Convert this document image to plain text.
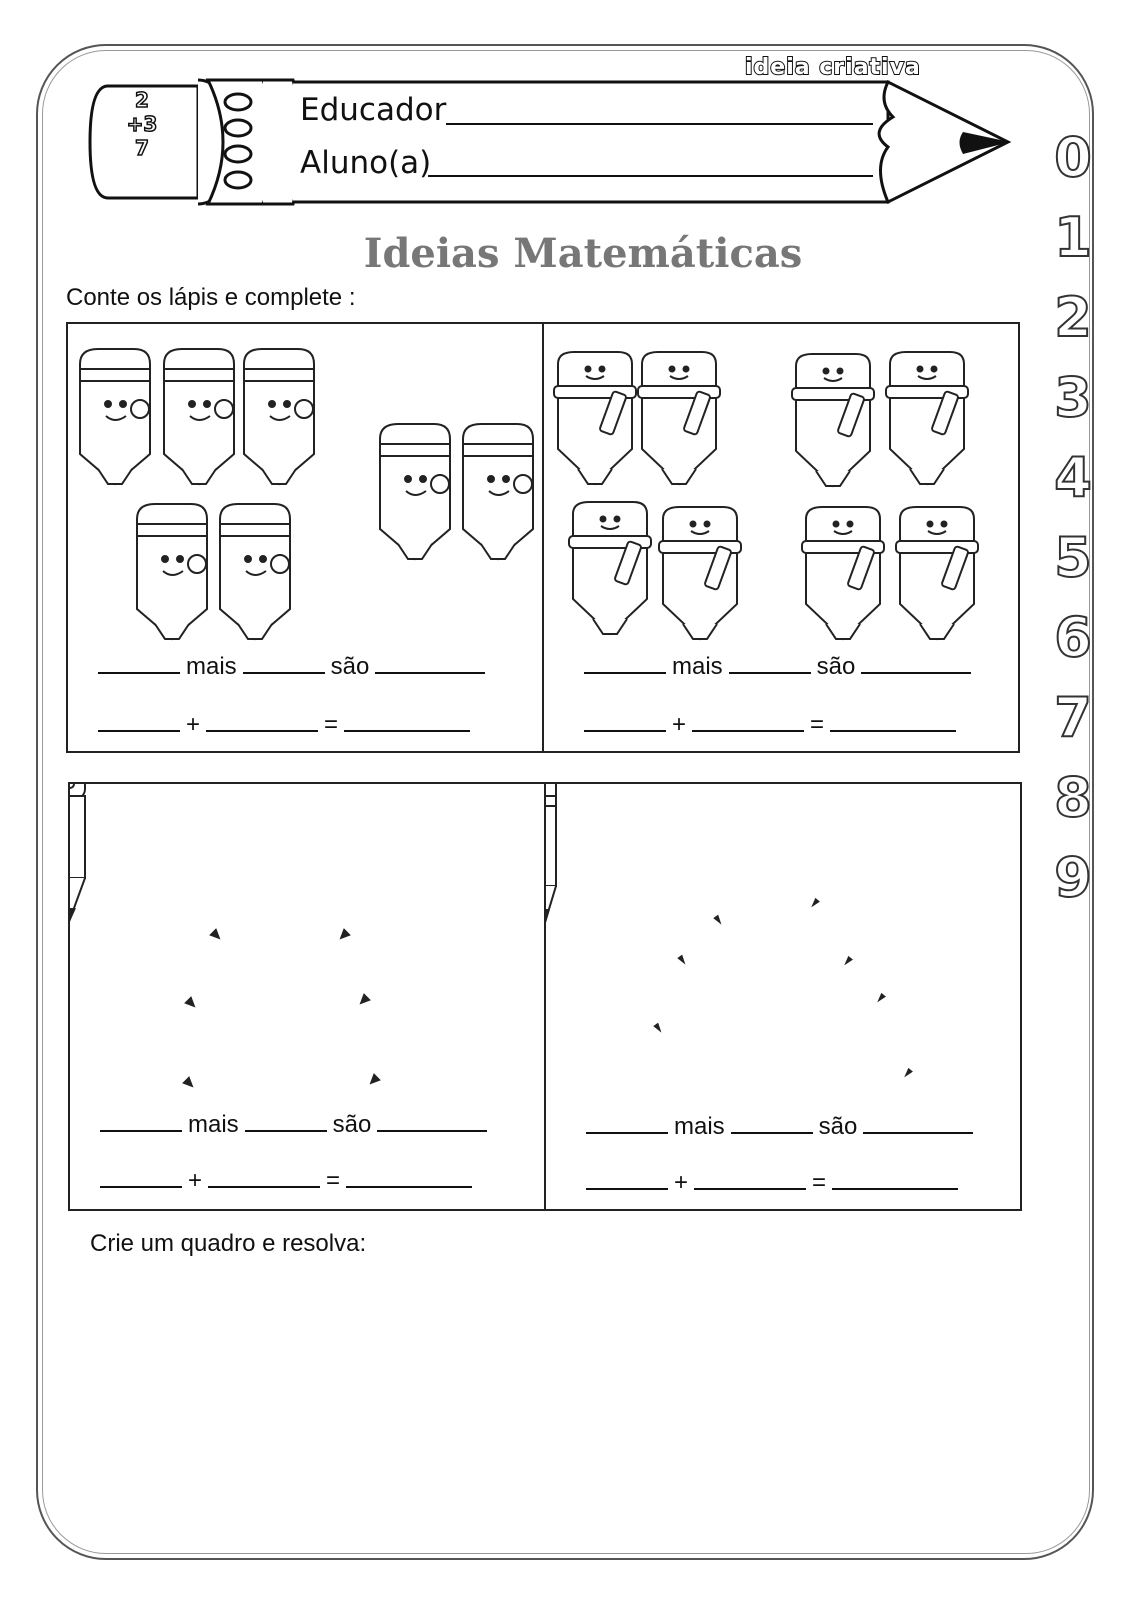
ideia criativa
Educador
Aluno(a)
2
+3
7
Ideias Matemáticas
Conte os lápis e complete :
mais	são
+	=
mais	são
+	=
mais	são
+	=
mais	são
+	=
Crie um quadro e resolva:
0
1
2
3
4
5
6
7
8
9
